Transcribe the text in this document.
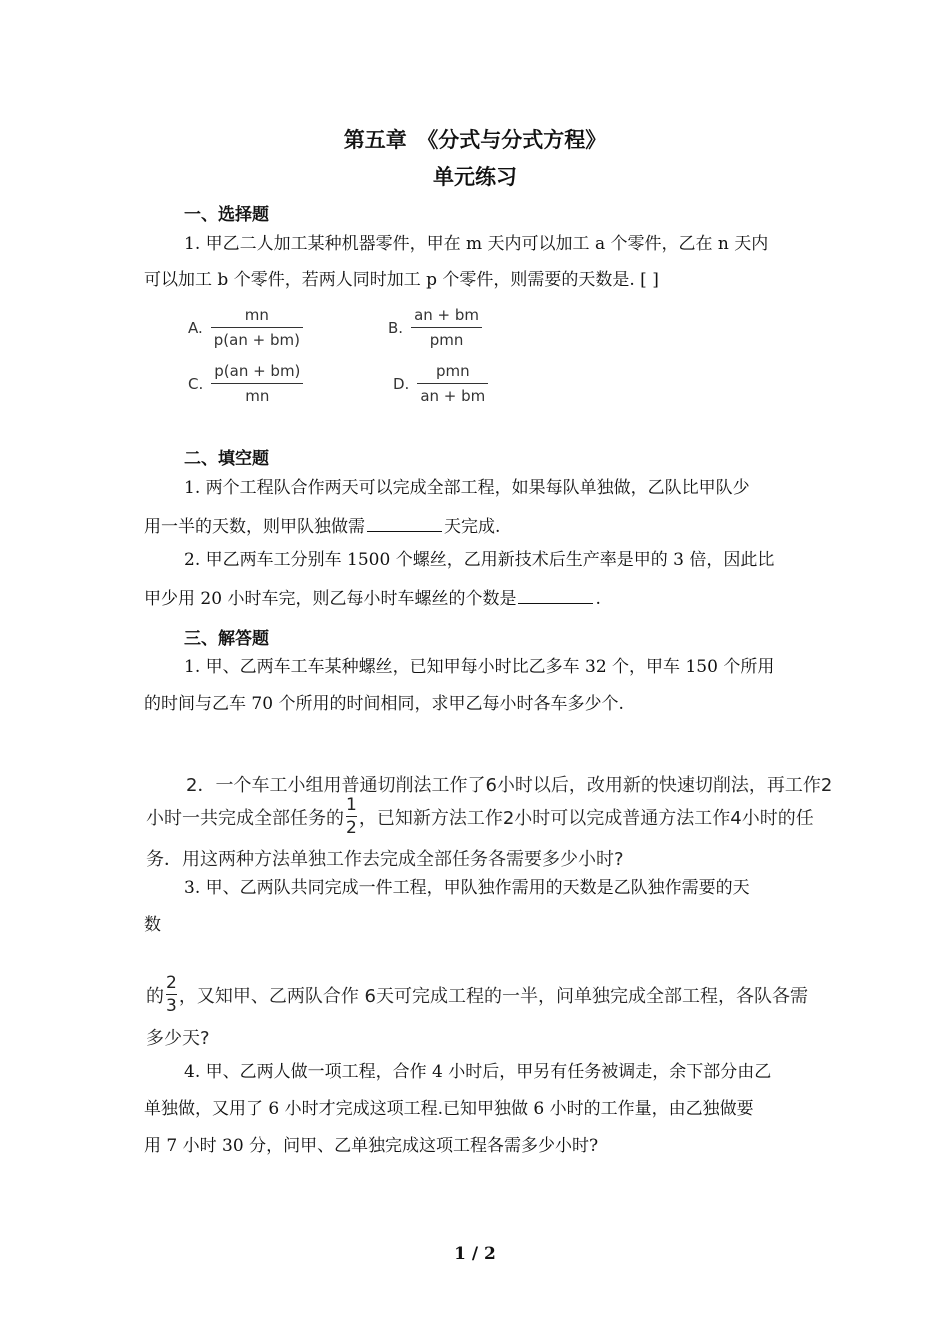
第五章　《分式与分式方程》
单元练习
一、选择题
1. 甲乙二人加工某种机器零件，甲在 m 天内可以加工 a 个零件，乙在 n 天内
可以加工 b 个零件，若两人同时加工 p 个零件，则需要的天数是. [ ]
A. $\frac{mn}{p(an + bm)}$	B. $\frac{an + bm}{\text{pmn}}$
C. $\frac{p(an + bm)}{mn}$	D. $\frac{\text{pmn}}{an + bm}$
二、填空题
1. 两个工程队合作两天可以完成全部工程，如果每队单独做，乙队比甲队少
用一半的天数，则甲队独做需	天完成.
2. 甲乙两车工分别车 1500 个螺丝，乙用新技术后生产率是甲的 3 倍，因此比
甲少用 20 小时车完，则乙每小时车螺丝的个数是	.
三、解答题
1. 甲、乙两车工车某种螺丝，已知甲每小时比乙多车 32 个，甲车 150 个所用
的时间与乙车 70 个所用的时间相同，求甲乙每小时各车多少个.
2．一个车工小组用普通切削法工作了6小时以后，改用新的快速切削法，再工作2
小时一共完成全部任务的 $\frac{1}{2}$ ，已知新方法工作2小时可以完成普通方法工作4小时的任
务．用这两种方法单独工作去完成全部任务各需要多少小时?
3. 甲、乙两队共同完成一件工程，甲队独作需用的天数是乙队独作需要的天
数
的 $\frac{2}{3}$ ，又知甲、乙两队合作 6天可完成工程的一半，问单独完成全部工程，各队各需
多少天?
4. 甲、乙两人做一项工程，合作 4 小时后，甲另有任务被调走，余下部分由乙
单独做，又用了 6 小时才完成这项工程.已知甲独做 6 小时的工作量，由乙独做要
用 7 小时 30 分，问甲、乙单独完成这项工程各需多少小时?
1 / 2
